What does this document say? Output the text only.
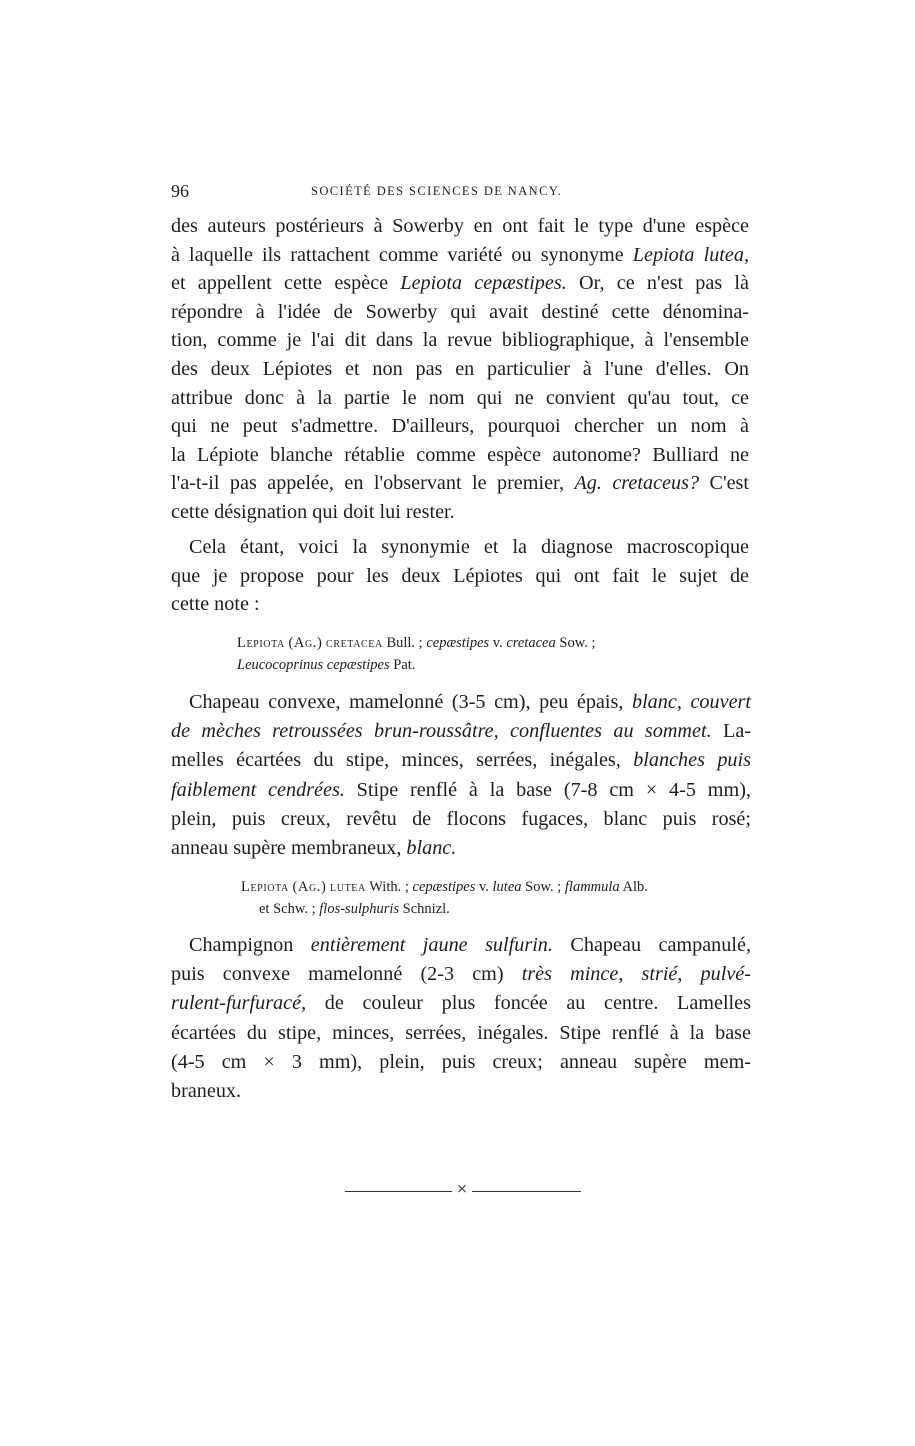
96	SOCIÉTÉ DES SCIENCES DE NANCY.

des auteurs postérieurs à Sowerby en ont fait le type d'une espèce
à laquelle ils rattachent comme variété ou synonyme Lepiota lutea,
et appellent cette espèce Lepiota cepæstipes. Or, ce n'est pas là
répondre à l'idée de Sowerby qui avait destiné cette dénomina-
tion, comme je l'ai dit dans la revue bibliographique, à l'ensemble
des deux Lépiotes et non pas en particulier à l'une d'elles. On
attribue donc à la partie le nom qui ne convient qu'au tout, ce
qui ne peut s'admettre. D'ailleurs, pourquoi chercher un nom à
la Lépiote blanche rétablie comme espèce autonome? Bulliard ne
l'a-t-il pas appelée, en l'observant le premier, Ag. cretaceus? C'est
cette désignation qui doit lui rester.

Cela étant, voici la synonymie et la diagnose macroscopique
que je propose pour les deux Lépiotes qui ont fait le sujet de
cette note :

Lepiota (Ag.) cretacea Bull. ; cepæstipes v. cretacea Sow. ;
Leucocoprinus cepæstipes Pat.

Chapeau convexe, mamelonné (3-5 cm), peu épais, blanc, couvert
de mèches retroussées brun-roussâtre, confluentes au sommet. La-
melles écartées du stipe, minces, serrées, inégales, blanches puis
faiblement cendrées. Stipe renflé à la base (7-8 cm × 4-5 mm),
plein, puis creux, revêtu de flocons fugaces, blanc puis rosé;
anneau supère membraneux, blanc.

Lepiota (Ag.) lutea With. ; cepæstipes v. lutea Sow. ; flammula Alb.
et Schw. ; flos-sulphuris Schnizl.

Champignon entièrement jaune sulfurin. Chapeau campanulé,
puis convexe mamelonné (2-3 cm) très mince, strié, pulvé-
rulent-furfuracé, de couleur plus foncée au centre. Lamelles
écartées du stipe, minces, serrées, inégales. Stipe renflé à la base
(4-5 cm × 3 mm), plein, puis creux; anneau supère mem-
braneux.
⨯
